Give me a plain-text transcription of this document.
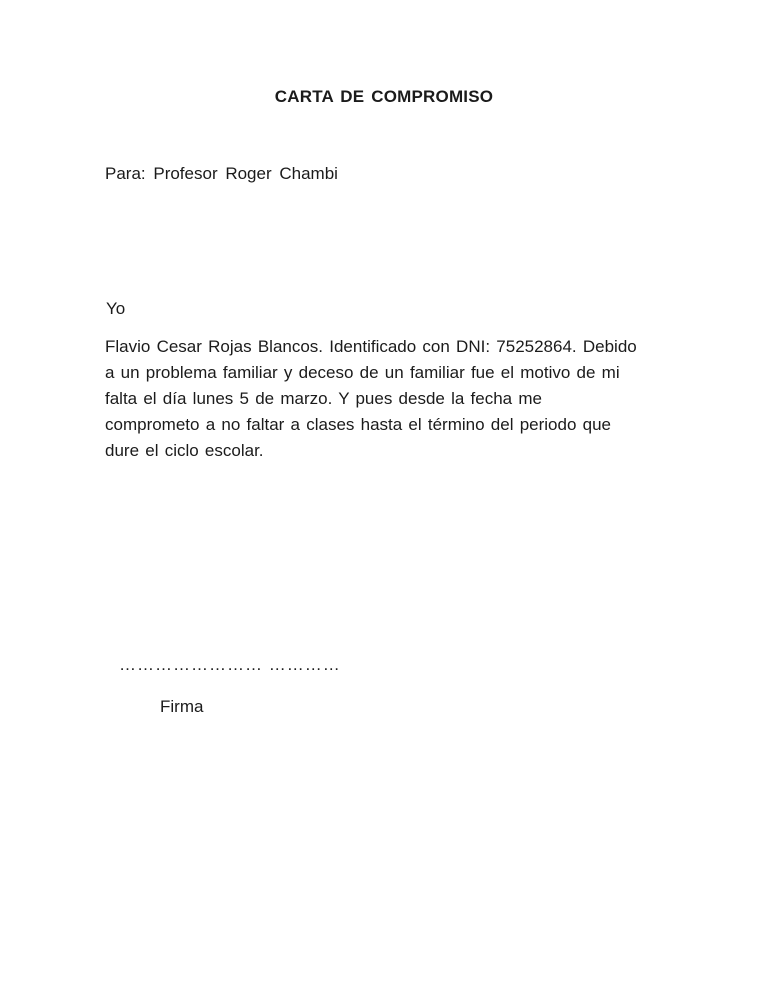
CARTA DE COMPROMISO
Para: Profesor Roger Chambi
Yo
Flavio Cesar Rojas Blancos. Identificado con DNI: 75252864. Debido
a un problema familiar y deceso de un familiar fue el motivo de mi
falta el día lunes 5 de marzo. Y pues desde la fecha me
comprometo a no faltar a clases hasta el término del periodo que
dure el ciclo escolar.
…………………… …………
Firma
